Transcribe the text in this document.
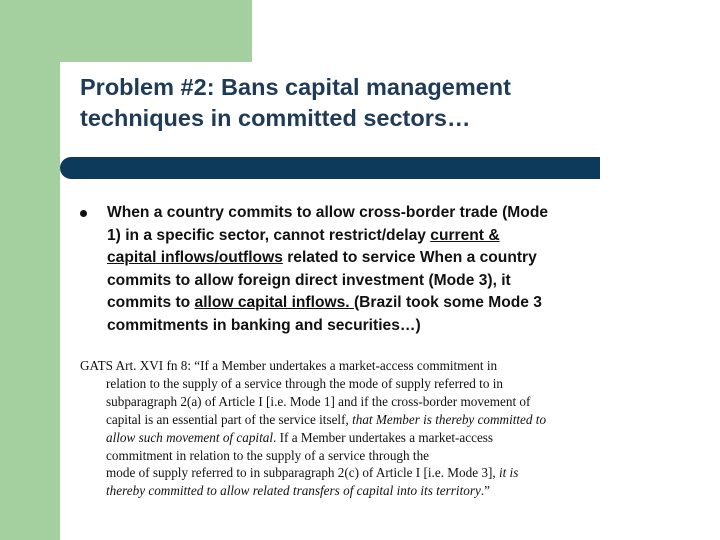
Problem #2: Bans capital management
techniques in committed sectors…
When a country commits to allow cross-border trade (Mode
1) in a specific sector, cannot restrict/delay current &
capital inflows/outflows related to service When a country
commits to allow foreign direct investment (Mode 3), it
commits to allow capital inflows. (Brazil took some Mode 3
commitments in banking and securities…)
GATS Art. XVI fn 8: “If a Member undertakes a market-access commitment in
relation to the supply of a service through the mode of supply referred to in
subparagraph 2(a) of Article I [i.e. Mode 1] and if the cross-border movement of
capital is an essential part of the service itself, that Member is thereby committed to
allow such movement of capital. If a Member undertakes a market-access
commitment in relation to the supply of a service through the
mode of supply referred to in subparagraph 2(c) of Article I [i.e. Mode 3], it is
thereby committed to allow related transfers of capital into its territory.”
